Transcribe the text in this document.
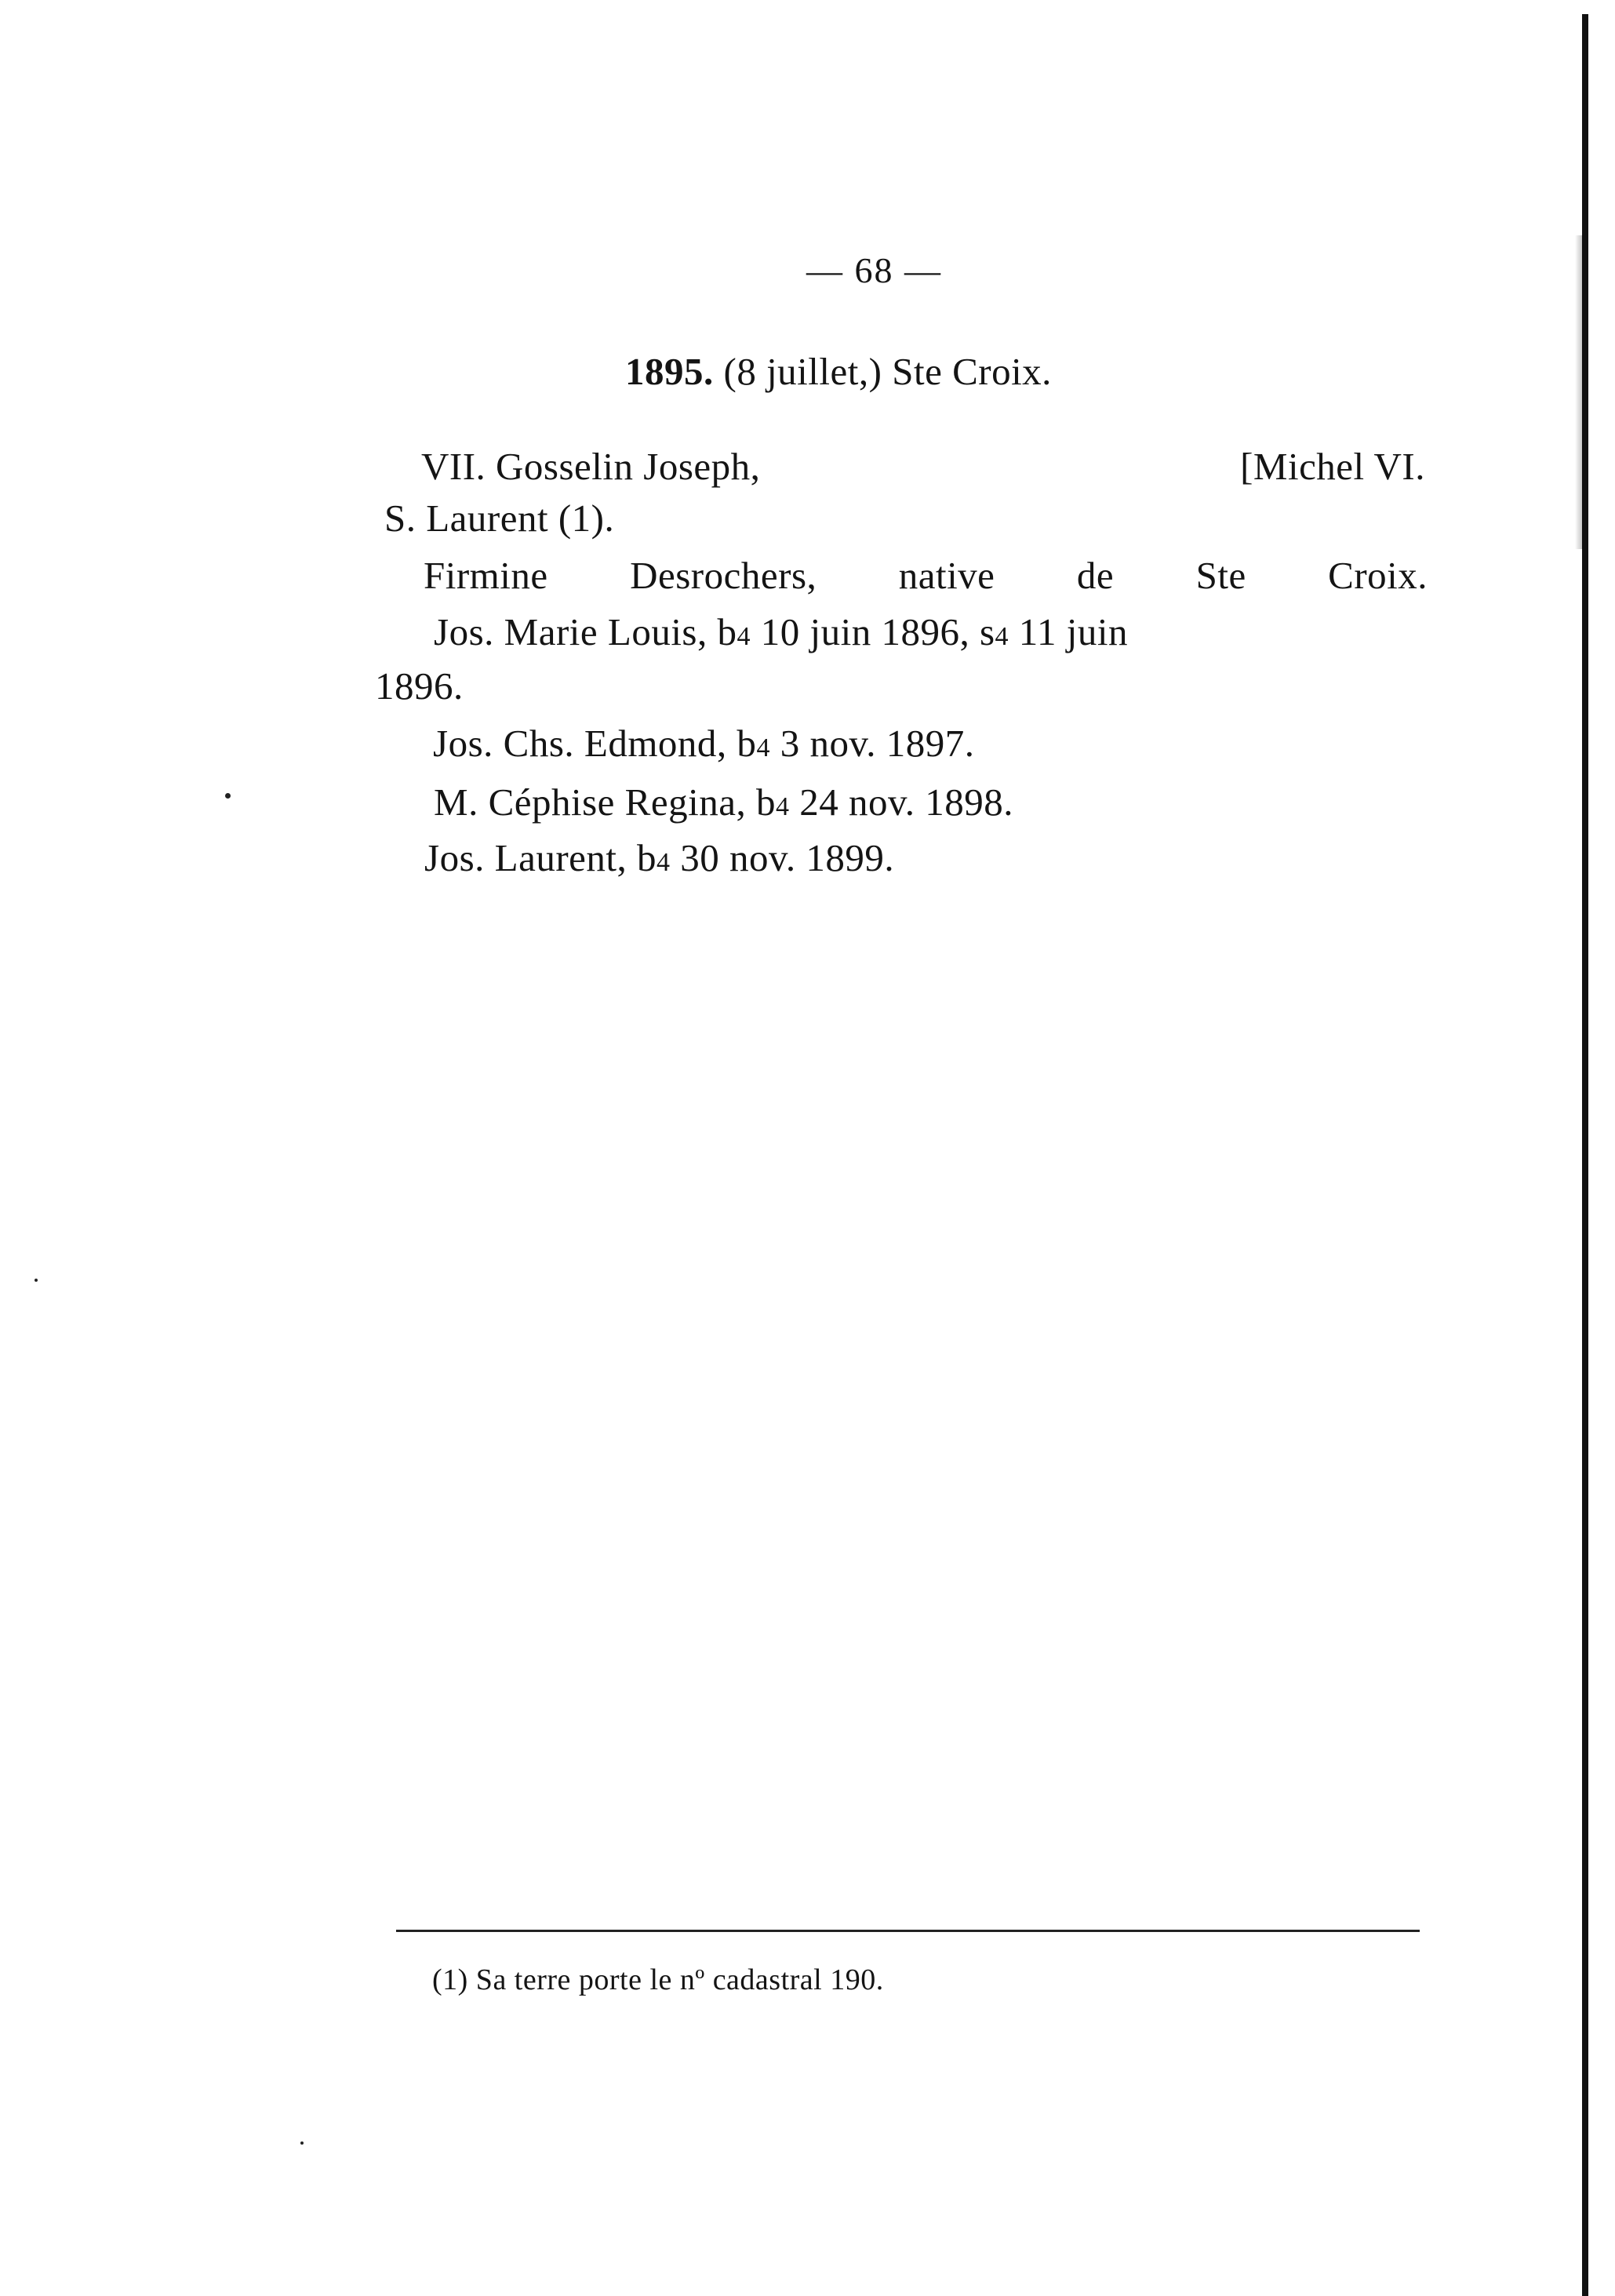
— 68 —
1895. (8 juillet,) Ste Croix.
VII. Gosselin Joseph,	[Michel VI.
S. Laurent (1).
Firmine Desrochers, native de Ste Croix.
Jos. Marie Louis, b4 10 juin 1896, s4 11 juin
1896.
Jos. Chs. Edmond, b4 3 nov. 1897.
M. Céphise Regina, b4 24 nov. 1898.
Jos. Laurent, b4 30 nov. 1899.
(1) Sa terre porte le nº cadastral 190.
